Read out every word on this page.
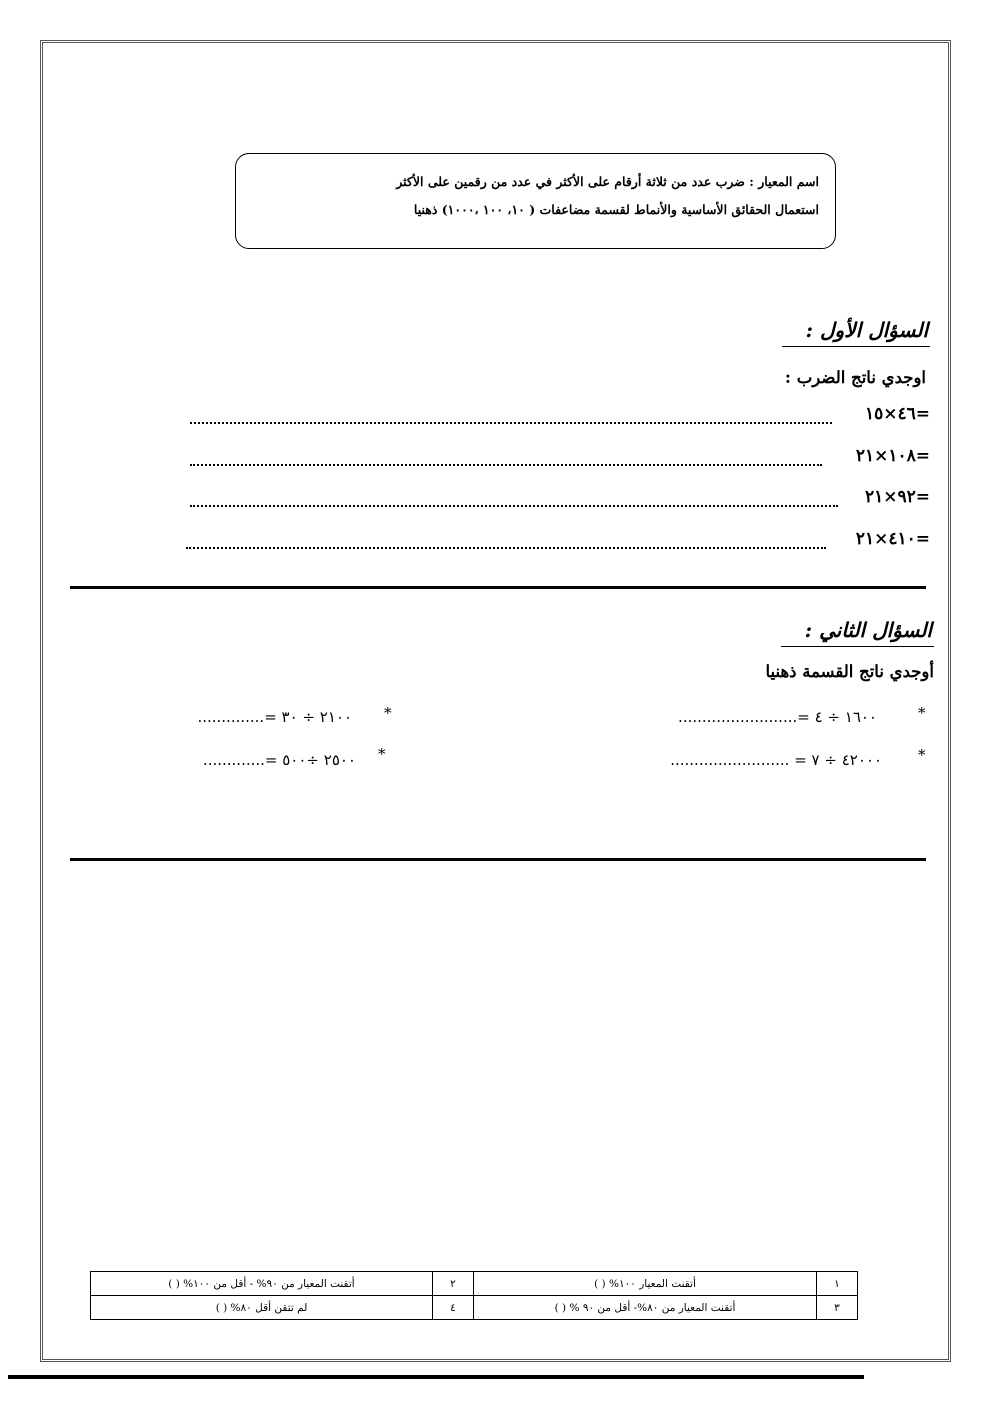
اسم المعيار : ضرب عدد من ثلاثة أرقام على الأكثر في عدد من رقمين على الأكثر
استعمال الحقائق الأساسية والأنماط لقسمة مضاعفات ( ١٠، ١٠٠ ،١٠٠٠) ذهنيا
السؤال الأول :
اوجدي ناتج الضرب :
٤٦×١٥=
١٠٨×٢١=
٩٢×٢١=
٤١٠×٢١=
السؤال الثاني :
أوجدي ناتج القسمة ذهنيا
*
١٦٠٠ ÷ ٤ =.........................
*
٢١٠٠ ÷ ٣٠ =..............
*
٤٢٠٠٠ ÷ ٧ = .........................
*
٢٥٠٠ ÷٥٠٠ =.............
١	أتقنت المعيار ١٠٠% ( )	٢	أتقنت المعيار من ٩٠% - أقل من ١٠٠% ( )
٣	أتقنت المعيار من ٨٠%- أقل من ٩٠ % ( )	٤	لم تتقن أقل ٨٠% ( )
